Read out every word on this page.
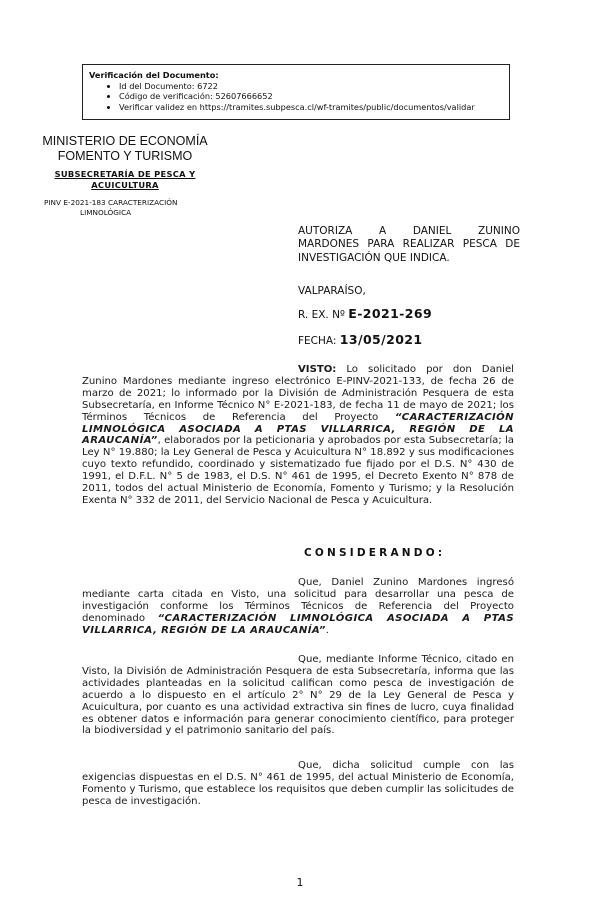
Verificación del Documento:
• Id del Documento: 6722
• Código de verificación: 52607666652
• Verificar validez en https://tramites.subpesca.cl/wf-tramites/public/documentos/validar
MINISTERIO DE ECONOMÍA
FOMENTO Y TURISMO
SUBSECRETARÍA DE PESCA Y
ACUICULTURA
PINV E-2021-183 CARACTERIZACIÓN
LIMNOLÓGICA
AUTORIZA A DANIEL ZUNINO
MARDONES PARA REALIZAR PESCA DE
INVESTIGACIÓN QUE INDICA.
VALPARAÍSO,
R. EX. Nº E-2021-269
FECHA: 13/05/2021
VISTO: Lo solicitado por don Daniel Zunino Mardones mediante ingreso electrónico E-PINV-2021-133, de fecha 26 de marzo de 2021; lo informado por la División de Administración Pesquera de esta Subsecretaría, en Informe Técnico N° E-2021-183, de fecha 11 de mayo de 2021; los Términos Técnicos de Referencia del Proyecto “CARACTERIZACIÓN LIMNOLÓGICA ASOCIADA A PTAS VILLARRICA, REGIÓN DE LA ARAUCANÍA”, elaborados por la peticionaria y aprobados por esta Subsecretaría; la Ley N° 19.880; la Ley General de Pesca y Acuicultura N° 18.892 y sus modificaciones cuyo texto refundido, coordinado y sistematizado fue fijado por el D.S. N° 430 de 1991, el D.F.L. N° 5 de 1983, el D.S. N° 461 de 1995, el Decreto Exento N° 878 de 2011, todos del actual Ministerio de Economía, Fomento y Turismo; y la Resolución Exenta N° 332 de 2011, del Servicio Nacional de Pesca y Acuicultura.
CONSIDERANDO:
Que, Daniel Zunino Mardones ingresó mediante carta citada en Visto, una solicitud para desarrollar una pesca de investigación conforme los Términos Técnicos de Referencia del Proyecto denominado “CARACTERIZACIÓN LIMNOLÓGICA ASOCIADA A PTAS VILLARRICA, REGIÓN DE LA ARAUCANÍA”.
Que, mediante Informe Técnico, citado en Visto, la División de Administración Pesquera de esta Subsecretaría, informa que las actividades planteadas en la solicitud califican como pesca de investigación de acuerdo a lo dispuesto en el artículo 2° N° 29 de la Ley General de Pesca y Acuicultura, por cuanto es una actividad extractiva sin fines de lucro, cuya finalidad es obtener datos e información para generar conocimiento científico, para proteger la biodiversidad y el patrimonio sanitario del país.
Que, dicha solicitud cumple con las exigencias dispuestas en el D.S. N° 461 de 1995, del actual Ministerio de Economía, Fomento y Turismo, que establece los requisitos que deben cumplir las solicitudes de pesca de investigación.
1
